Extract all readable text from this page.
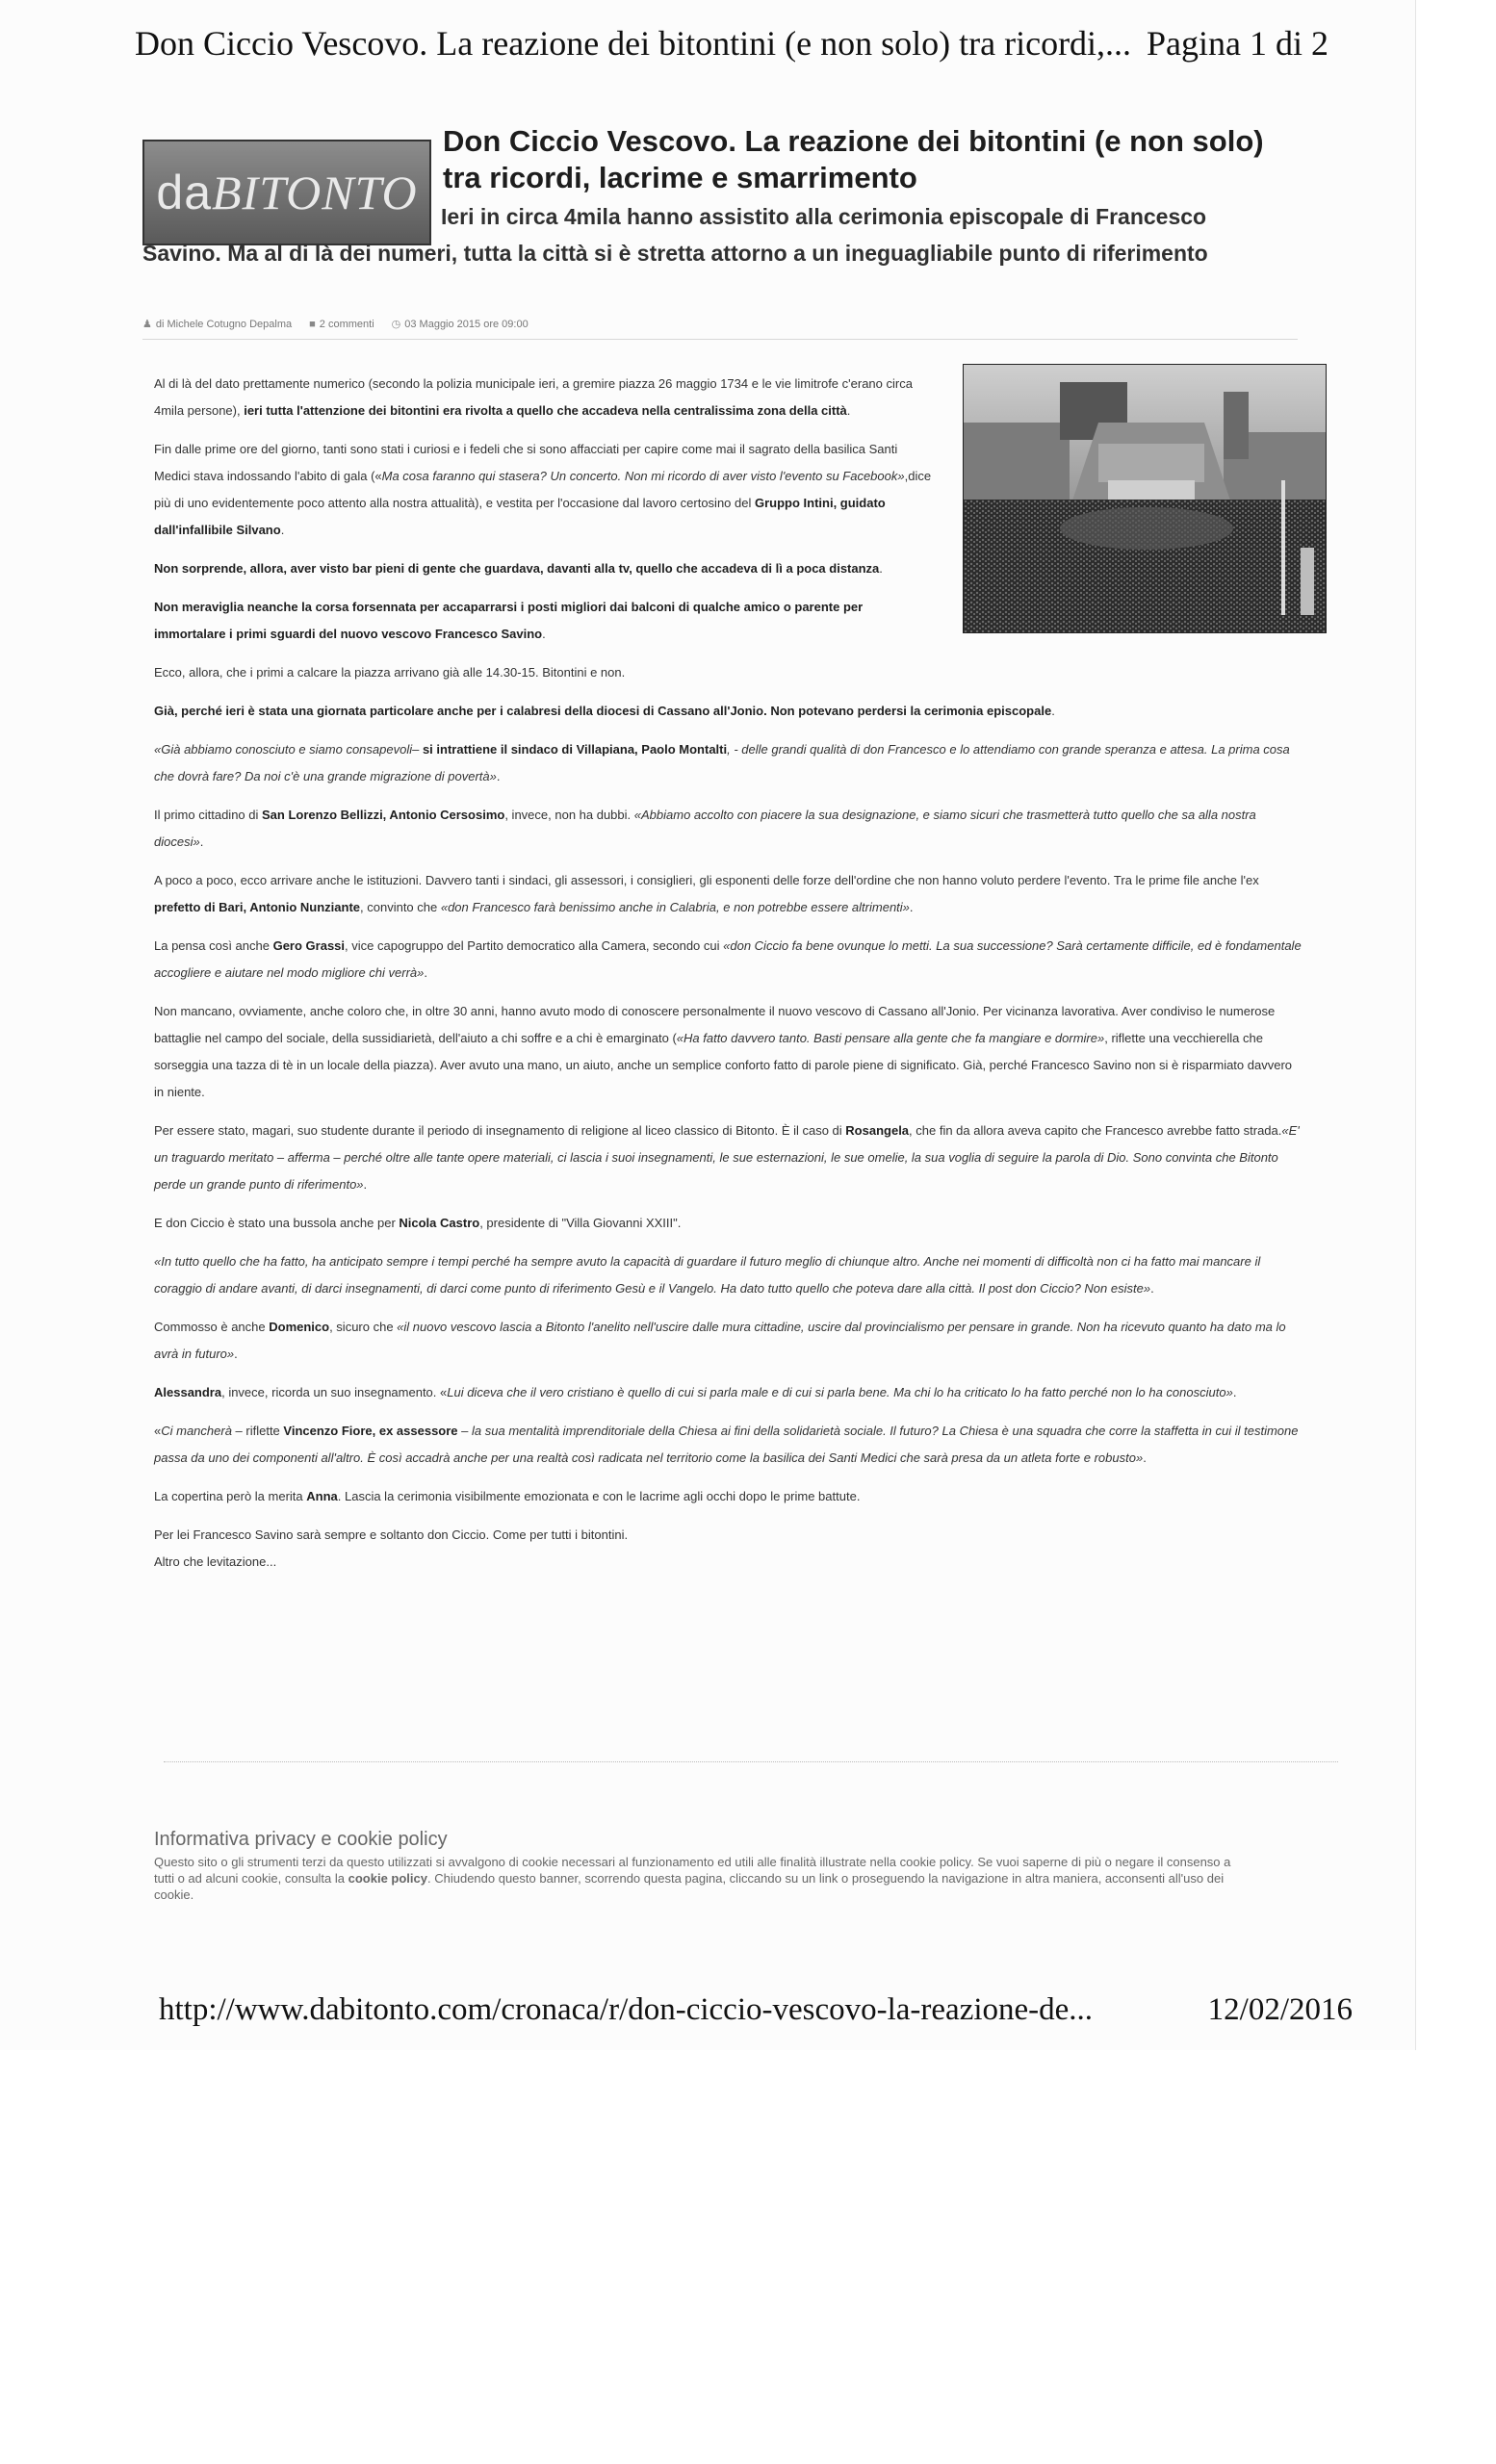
Don Ciccio Vescovo. La reazione dei bitontini (e non solo) tra ricordi,... Pagina 1 di 2
da BITONTO
Don Ciccio Vescovo. La reazione dei bitontini (e non solo) tra ricordi, lacrime e smarrimento
Ieri in circa 4mila hanno assistito alla cerimonia episcopale di Francesco Savino. Ma al di là dei numeri, tutta la città si è stretta attorno a un ineguagliabile punto di riferimento
♟ di Michele Cotugno Depalma ■ 2 commenti ◷ 03 Maggio 2015 ore 09:00

Al di là del dato prettamente numerico (secondo la polizia municipale ieri, a gremire piazza 26 maggio 1734 e le vie limitrofe c'erano circa 4mila persone), ieri tutta l'attenzione dei bitontini era rivolta a quello che accadeva nella centralissima zona della città.

Fin dalle prime ore del giorno, tanti sono stati i curiosi e i fedeli che si sono affacciati per capire come mai il sagrato della basilica Santi Medici stava indossando l'abito di gala («Ma cosa faranno qui stasera? Un concerto. Non mi ricordo di aver visto l'evento su Facebook»,dice più di uno evidentemente poco attento alla nostra attualità), e vestita per l'occasione dal lavoro certosino del Gruppo Intini, guidato dall'infallibile Silvano.

Non sorprende, allora, aver visto bar pieni di gente che guardava, davanti alla tv, quello che accadeva di lì a poca distanza.

Non meraviglia neanche la corsa forsennata per accaparrarsi i posti migliori dai balconi di qualche amico o parente per immortalare i primi sguardi del nuovo vescovo Francesco Savino.

Ecco, allora, che i primi a calcare la piazza arrivano già alle 14.30-15. Bitontini e non.

Già, perché ieri è stata una giornata particolare anche per i calabresi della diocesi di Cassano all'Jonio. Non potevano perdersi la cerimonia episcopale.

«Già abbiamo conosciuto e siamo consapevoli– si intrattiene il sindaco di Villapiana, Paolo Montalti, - delle grandi qualità di don Francesco e lo attendiamo con grande speranza e attesa. La prima cosa che dovrà fare? Da noi c'è una grande migrazione di povertà».

Il primo cittadino di San Lorenzo Bellizzi, Antonio Cersosimo, invece, non ha dubbi. «Abbiamo accolto con piacere la sua designazione, e siamo sicuri che trasmetterà tutto quello che sa alla nostra diocesi».

A poco a poco, ecco arrivare anche le istituzioni. Davvero tanti i sindaci, gli assessori, i consiglieri, gli esponenti delle forze dell'ordine che non hanno voluto perdere l'evento. Tra le prime file anche l'ex prefetto di Bari, Antonio Nunziante, convinto che «don Francesco farà benissimo anche in Calabria, e non potrebbe essere altrimenti».

La pensa così anche Gero Grassi, vice capogruppo del Partito democratico alla Camera, secondo cui «don Ciccio fa bene ovunque lo metti. La sua successione? Sarà certamente difficile, ed è fondamentale accogliere e aiutare nel modo migliore chi verrà».

Non mancano, ovviamente, anche coloro che, in oltre 30 anni, hanno avuto modo di conoscere personalmente il nuovo vescovo di Cassano all'Jonio. Per vicinanza lavorativa. Aver condiviso le numerose battaglie nel campo del sociale, della sussidiarietà, dell'aiuto a chi soffre e a chi è emarginato («Ha fatto davvero tanto. Basti pensare alla gente che fa mangiare e dormire», riflette una vecchierella che sorseggia una tazza di tè in un locale della piazza). Aver avuto una mano, un aiuto, anche un semplice conforto fatto di parole piene di significato. Già, perché Francesco Savino non si è risparmiato davvero in niente.

Per essere stato, magari, suo studente durante il periodo di insegnamento di religione al liceo classico di Bitonto. È il caso di Rosangela, che fin da allora aveva capito che Francesco avrebbe fatto strada.«E' un traguardo meritato – afferma – perché oltre alle tante opere materiali, ci lascia i suoi insegnamenti, le sue esternazioni, le sue omelie, la sua voglia di seguire la parola di Dio. Sono convinta che Bitonto perde un grande punto di riferimento».

E don Ciccio è stato una bussola anche per Nicola Castro, presidente di "Villa Giovanni XXIII".

«In tutto quello che ha fatto, ha anticipato sempre i tempi perché ha sempre avuto la capacità di guardare il futuro meglio di chiunque altro. Anche nei momenti di difficoltà non ci ha fatto mai mancare il coraggio di andare avanti, di darci insegnamenti, di darci come punto di riferimento Gesù e il Vangelo. Ha dato tutto quello che poteva dare alla città. Il post don Ciccio? Non esiste».

Commosso è anche Domenico, sicuro che «il nuovo vescovo lascia a Bitonto l'anelito nell'uscire dalle mura cittadine, uscire dal provincialismo per pensare in grande. Non ha ricevuto quanto ha dato ma lo avrà in futuro».

Alessandra, invece, ricorda un suo insegnamento. «Lui diceva che il vero cristiano è quello di cui si parla male e di cui si parla bene. Ma chi lo ha criticato lo ha fatto perché non lo ha conosciuto».

«Ci mancherà – riflette Vincenzo Fiore, ex assessore – la sua mentalità imprenditoriale della Chiesa ai fini della solidarietà sociale. Il futuro? La Chiesa è una squadra che corre la staffetta in cui il testimone passa da uno dei componenti all'altro. È così accadrà anche per una realtà così radicata nel territorio come la basilica dei Santi Medici che sarà presa da un atleta forte e robusto».

La copertina però la merita Anna. Lascia la cerimonia visibilmente emozionata e con le lacrime agli occhi dopo le prime battute.

Per lei Francesco Savino sarà sempre e soltanto don Ciccio. Come per tutti i bitontini.
Altro che levitazione...

Informativa privacy e cookie policy
Questo sito o gli strumenti terzi da questo utilizzati si avvalgono di cookie necessari al funzionamento ed utili alle finalità illustrate nella cookie policy. Se vuoi saperne di più o negare il consenso a tutti o ad alcuni cookie, consulta la cookie policy. Chiudendo questo banner, scorrendo questa pagina, cliccando su un link o proseguendo la navigazione in altra maniera, acconsenti all'uso dei cookie.
http://www.dabitonto.com/cronaca/r/don-ciccio-vescovo-la-reazione-de...	12/02/2016
